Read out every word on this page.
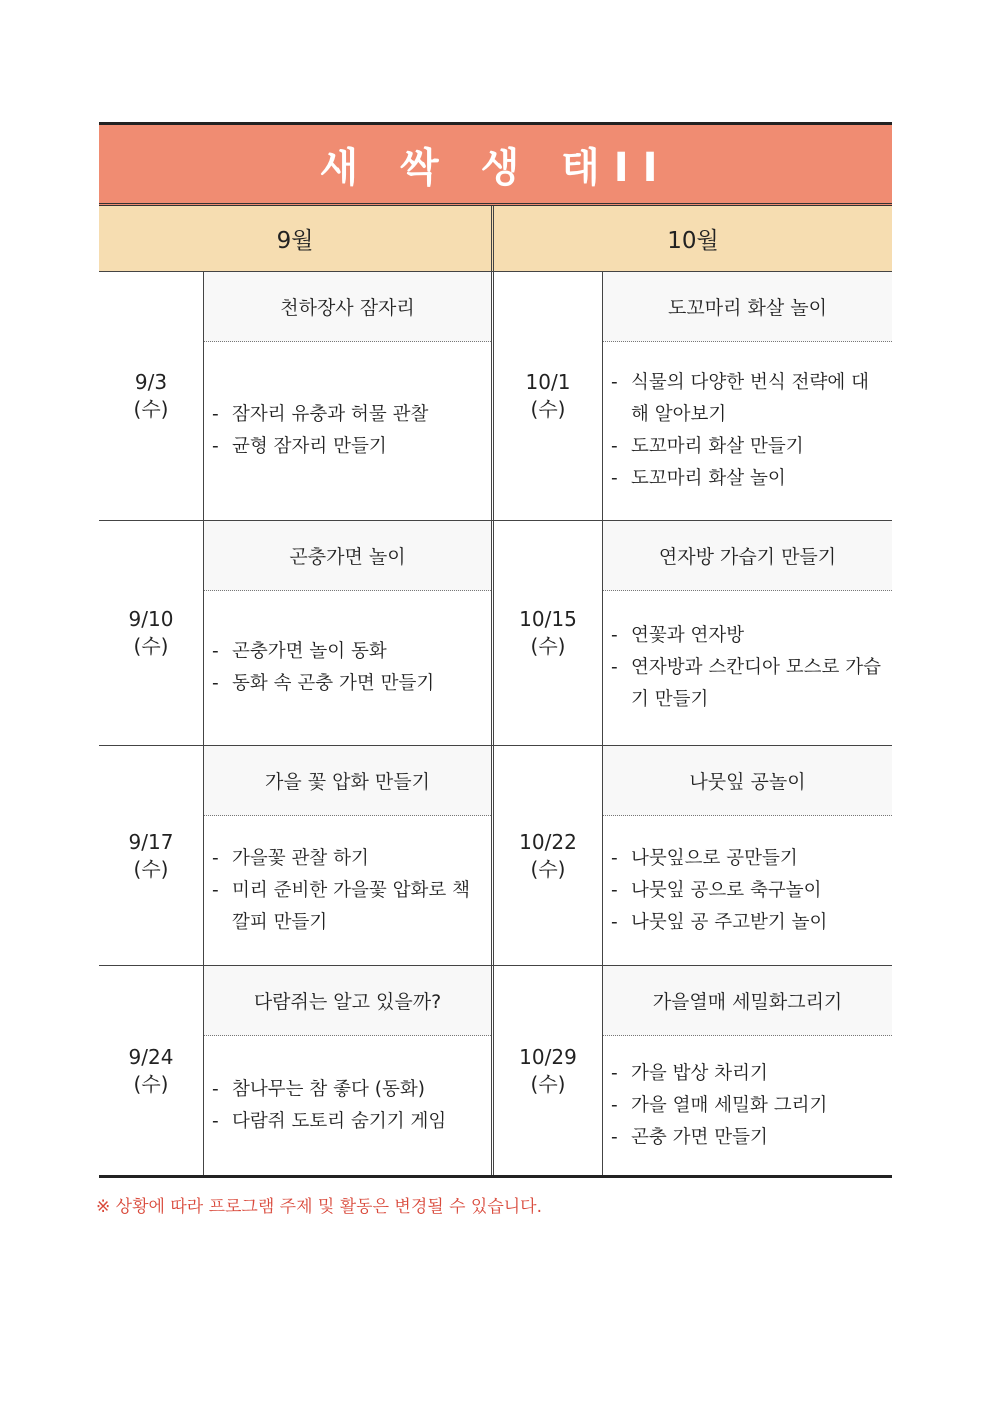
새 싹 생 태II
9월	10월
9/3
(수)
천하장사 잠자리
- 잠자리 유충과 허물 관찰
- 균형 잠자리 만들기
10/1
(수)
도꼬마리 화살 놀이
- 식물의 다양한 번식 전략에 대해 알아보기
- 도꼬마리 화살 만들기
- 도꼬마리 화살 놀이
9/10
(수)
곤충가면 놀이
- 곤충가면 놀이 동화
- 동화 속 곤충 가면 만들기
10/15
(수)
연자방 가습기 만들기
- 연꽃과 연자방
- 연자방과 스칸디아 모스로 가습기 만들기
9/17
(수)
가을 꽃 압화 만들기
- 가을꽃 관찰 하기
- 미리 준비한 가을꽃 압화로 책깔피 만들기
10/22
(수)
나뭇잎 공놀이
- 나뭇잎으로 공만들기
- 나뭇잎 공으로 축구놀이
- 나뭇잎 공 주고받기 놀이
9/24
(수)
다람쥐는 알고 있을까?
- 참나무는 참 좋다 (동화)
- 다람쥐 도토리 숨기기 게임
10/29
(수)
가을열매 세밀화그리기
- 가을 밥상 차리기
- 가을 열매 세밀화 그리기
- 곤충 가면 만들기
※ 상황에 따라 프로그램 주제 및 활동은 변경될 수 있습니다.
